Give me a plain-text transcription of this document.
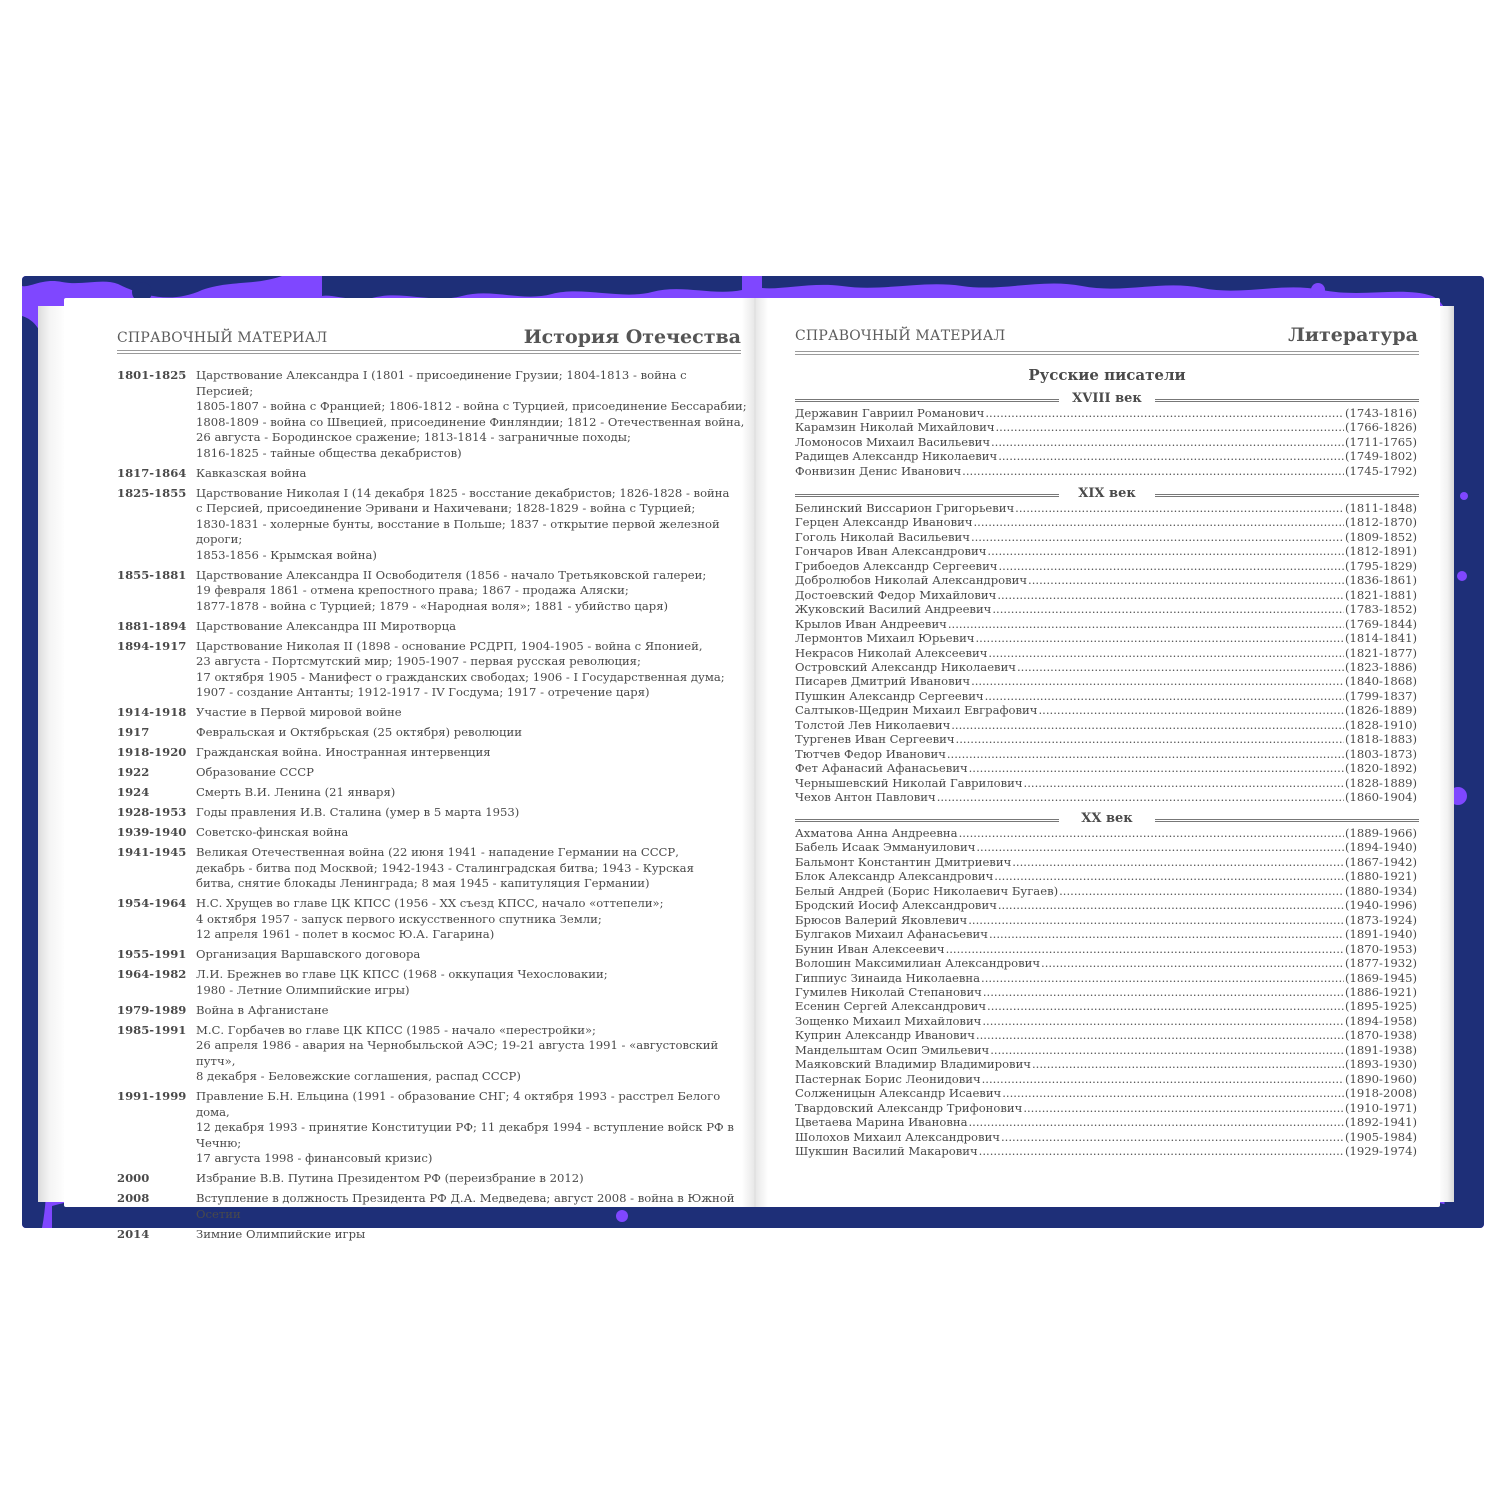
СПРАВОЧНЫЙ МАТЕРИАЛ	История Отечества
1801-1825 Царствование Александра I (1801 - присоединение Грузии; 1804-1813 - война с Персией;
1805-1807 - война с Францией; 1806-1812 - война с Турцией, присоединение Бессарабии;
1808-1809 - война со Швецией, присоединение Финляндии; 1812 - Отечественная война,
26 августа - Бородинское сражение; 1813-1814 - заграничные походы;
1816-1825 - тайные общества декабристов)
1817-1864 Кавказская война
1825-1855 Царствование Николая I (14 декабря 1825 - восстание декабристов; 1826-1828 - война
с Персией, присоединение Эривани и Нахичевани; 1828-1829 - война с Турцией;
1830-1831 - холерные бунты, восстание в Польше; 1837 - открытие первой железной дороги;
1853-1856 - Крымская война)
1855-1881 Царствование Александра II Освободителя (1856 - начало Третьяковской галереи;
19 февраля 1861 - отмена крепостного права; 1867 - продажа Аляски;
1877-1878 - война с Турцией; 1879 - «Народная воля»; 1881 - убийство царя)
1881-1894 Царствование Александра III Миротворца
1894-1917 Царствование Николая II (1898 - основание РСДРП, 1904-1905 - война с Японией,
23 августа - Портсмутский мир; 1905-1907 - первая русская революция;
17 октября 1905 - Манифест о гражданских свободах; 1906 - I Государственная дума;
1907 - создание Антанты; 1912-1917 - IV Госдума; 1917 - отречение царя)
1914-1918 Участие в Первой мировой войне
1917	Февральская и Октябрьская (25 октября) революции
1918-1920 Гражданская война. Иностранная интервенция
1922	Образование СССР
1924	Смерть В.И. Ленина (21 января)
1928-1953 Годы правления И.В. Сталина (умер в 5 марта 1953)
1939-1940 Советско-финская война
1941-1945 Великая Отечественная война (22 июня 1941 - нападение Германии на СССР,
декабрь - битва под Москвой; 1942-1943 - Сталинградская битва; 1943 - Курская
битва, снятие блокады Ленинграда; 8 мая 1945 - капитуляция Германии)
1954-1964 Н.С. Хрущев во главе ЦК КПСС (1956 - XX съезд КПСС, начало «оттепели»;
4 октября 1957 - запуск первого искусственного спутника Земли;
12 апреля 1961 - полет в космос Ю.А. Гагарина)
1955-1991 Организация Варшавского договора
1964-1982 Л.И. Брежнев во главе ЦК КПСС (1968 - оккупация Чехословакии;
1980 - Летние Олимпийские игры)
1979-1989 Война в Афганистане
1985-1991 М.С. Горбачев во главе ЦК КПСС (1985 - начало «перестройки»;
26 апреля 1986 - авария на Чернобыльской АЭС; 19-21 августа 1991 - «августовский путч»,
8 декабря - Беловежские соглашения, распад СССР)
1991-1999 Правление Б.Н. Ельцина (1991 - образование СНГ; 4 октября 1993 - расстрел Белого дома,
12 декабря 1993 - принятие Конституции РФ; 11 декабря 1994 - вступление войск РФ в Чечню;
17 августа 1998 - финансовый кризис)
2000	Избрание В.В. Путина Президентом РФ (переизбрание в 2012)
2008	Вступление в должность Президента РФ Д.А. Медведева; август 2008 - война в Южной Осетии
2014	Зимние Олимпийские игры
СПРАВОЧНЫЙ МАТЕРИАЛ	Литература
Русские писатели
XVIII век
Державин Гавриил Романович .....	(1743-1816)
Карамзин Николай Михайлович .....	(1766-1826)
Ломоносов Михаил Васильевич .....	(1711-1765)
Радищев Александр Николаевич .....	(1749-1802)
Фонвизин Денис Иванович .....	(1745-1792)
XIX век
Белинский Виссарион Григорьевич .....	(1811-1848)
Герцен Александр Иванович .....	(1812-1870)
Гоголь Николай Васильевич .....	(1809-1852)
Гончаров Иван Александрович .....	(1812-1891)
Грибоедов Александр Сергеевич .....	(1795-1829)
Добролюбов Николай Александрович .....	(1836-1861)
Достоевский Федор Михайлович .....	(1821-1881)
Жуковский Василий Андреевич .....	(1783-1852)
Крылов Иван Андреевич .....	(1769-1844)
Лермонтов Михаил Юрьевич .....	(1814-1841)
Некрасов Николай Алексеевич .....	(1821-1877)
Островский Александр Николаевич .....	(1823-1886)
Писарев Дмитрий Иванович .....	(1840-1868)
Пушкин Александр Сергеевич .....	(1799-1837)
Салтыков-Щедрин Михаил Евграфович .....	(1826-1889)
Толстой Лев Николаевич .....	(1828-1910)
Тургенев Иван Сергеевич .....	(1818-1883)
Тютчев Федор Иванович .....	(1803-1873)
Фет Афанасий Афанасьевич .....	(1820-1892)
Чернышевский Николай Гаврилович .....	(1828-1889)
Чехов Антон Павлович .....	(1860-1904)
XX век
Ахматова Анна Андреевна .....	(1889-1966)
Бабель Исаак Эммануилович .....	(1894-1940)
Бальмонт Константин Дмитриевич .....	(1867-1942)
Блок Александр Александрович .....	(1880-1921)
Белый Андрей (Борис Николаевич Бугаев) .....	(1880-1934)
Бродский Иосиф Александрович .....	(1940-1996)
Брюсов Валерий Яковлевич .....	(1873-1924)
Булгаков Михаил Афанасьевич .....	(1891-1940)
Бунин Иван Алексеевич .....	(1870-1953)
Волошин Максимилиан Александрович .....	(1877-1932)
Гиппиус Зинаида Николаевна .....	(1869-1945)
Гумилев Николай Степанович .....	(1886-1921)
Есенин Сергей Александрович .....	(1895-1925)
Зощенко Михаил Михайлович .....	(1894-1958)
Куприн Александр Иванович .....	(1870-1938)
Мандельштам Осип Эмильевич .....	(1891-1938)
Маяковский Владимир Владимирович .....	(1893-1930)
Пастернак Борис Леонидович .....	(1890-1960)
Солженицын Александр Исаевич .....	(1918-2008)
Твардовский Александр Трифонович .....	(1910-1971)
Цветаева Марина Ивановна .....	(1892-1941)
Шолохов Михаил Александрович .....	(1905-1984)
Шукшин Василий Макарович .....	(1929-1974)
